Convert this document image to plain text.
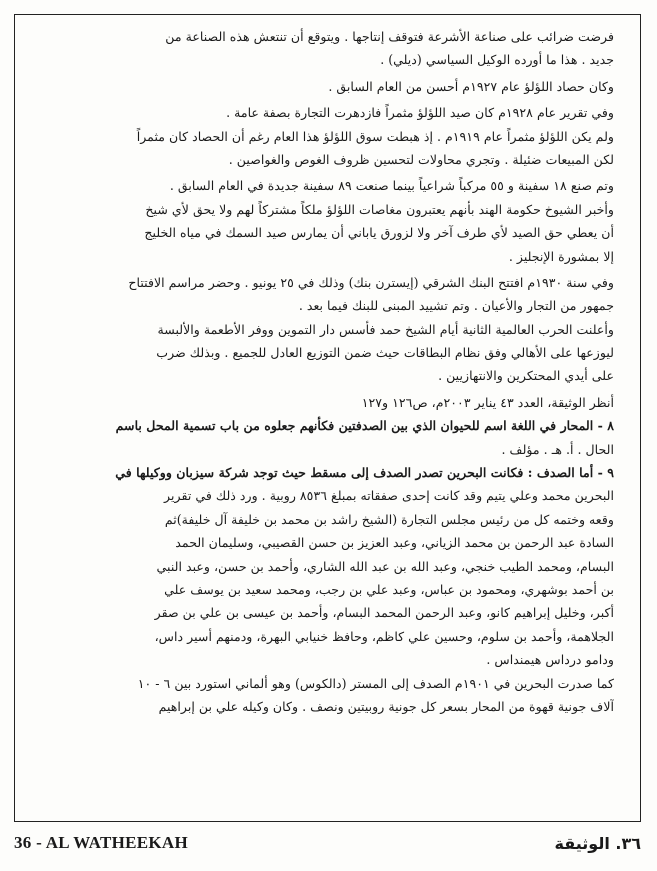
فرضت ضرائب على صناعة الأشرعة فتوقف إنتاجها . ويتوقع أن تنتعش هذه الصناعة من
جديد . هذا ما أورده الوكيل السياسي (ديلي) .
وكان حصاد اللؤلؤ عام ١٩٢٧م أحسن من العام السابق .
وفي تقرير عام ١٩٢٨م كان صيد اللؤلؤ مثمراً فازدهرت التجارة بصفة عامة .
ولم يكن اللؤلؤ مثمراً عام ١٩١٩م . إذ هبطت سوق اللؤلؤ هذا العام رغم أن الحصاد كان مثمراً
لكن المبيعات ضئيلة . وتجري محاولات لتحسين ظروف الغوص والغواصين .
وتم صنع ١٨ سفينة و ٥٥ مركباً شراعياً بينما صنعت ٨٩ سفينة جديدة في العام السابق .
وأخبر الشيوخ حكومة الهند بأنهم يعتبرون مغاصات اللؤلؤ ملكاً مشتركاً لهم ولا يحق لأي شيخ
أن يعطي حق الصيد لأي طرف آخر ولا لزورق ياباني أن يمارس صيد السمك في مياه الخليج
إلا بمشورة الإنجليز .
وفي سنة ١٩٣٠م افتتح البنك الشرقي (إيسترن بنك) وذلك في ٢٥ يونيو . وحضر مراسم الافتتاح
جمهور من التجار والأعيان . وتم تشييد المبنى للبنك فيما بعد .
وأعلنت الحرب العالمية الثانية أيام الشيخ حمد فأسس دار التموين ووفر الأطعمة والألبسة
ليوزعها على الأهالي وفق نظام البطاقات حيث ضمن التوزيع العادل للجميع . وبذلك ضرب
على أيدي المحتكرين والانتهازيين .
أنظر الوثيقة، العدد ٤٣ يناير ٢٠٠٣م، ص١٢٦ و١٢٧
٨ - المحار في اللغة اسم للحيوان الذي بين الصدفتين فكأنهم جعلوه من باب تسمية المحل باسم
الحال . أ. هـ . مؤلف .
٩ - أما الصدف : فكانت البحرين تصدر الصدف إلى مسقط حيث توجد شركة سيزبان ووكيلها في
البحرين محمد وعلي يتيم وقد كانت إحدى صفقاته بمبلغ ٨٥٣٦ روبية . ورد ذلك في تقرير
وقعه وختمه كل من رئيس مجلس التجارة (الشيخ راشد بن محمد بن خليفة آل خليفة)ثم
السادة عبد الرحمن بن محمد الزياني، وعبد العزيز بن حسن القصيبي، وسليمان الحمد
البسام، ومحمد الطيب خنجي، وعبد الله بن عبد الله الشاري، وأحمد بن حسن، وعبد النبي
بن أحمد بوشهري، ومحمود بن عباس، وعبد علي بن رجب، ومحمد سعيد بن يوسف علي
أكبر، وخليل إبراهيم كانو، وعبد الرحمن المحمد البسام، وأحمد بن عيسى بن علي بن صقر
الجلاهمة، وأحمد بن سلوم، وحسين علي كاظم، وحافظ خنيابي البهرة، ودمنهم أسير داس،
ودامو درداس هيمنداس .
كما صدرت البحرين في ١٩٠١م الصدف إلى المستر (دالكوس) وهو ألماني استورد بين ٦ - ١٠
آلاف جونية قهوة من المحار بسعر كل جونية روبيتين ونصف . وكان وكيله علي بن إبراهيم
36 - AL WATHEEKAH	٣٦. الوثيقة
